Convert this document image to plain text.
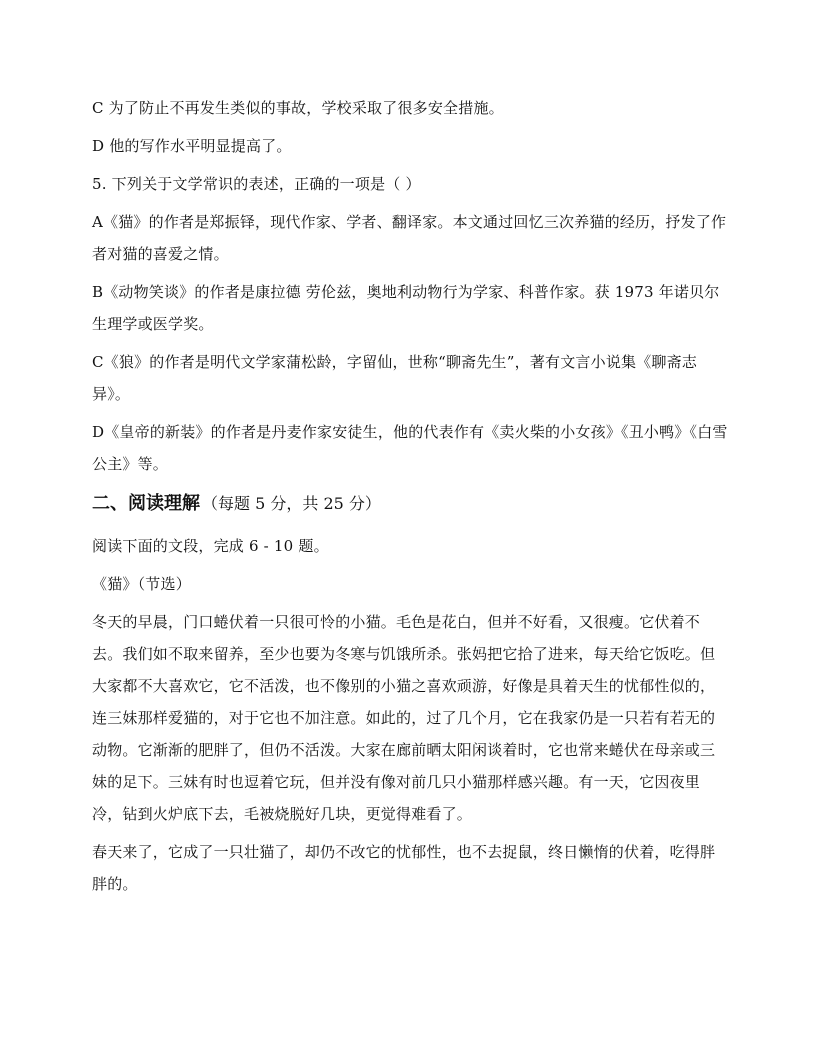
C 为了防止不再发生类似的事故，学校采取了很多安全措施。

D 他的写作水平明显提高了。

5. 下列关于文学常识的表述，正确的一项是（ ）

A《猫》的作者是郑振铎，现代作家、学者、翻译家。本文通过回忆三次养猫的经历，抒发了作者对猫的喜爱之情。

B《动物笑谈》的作者是康拉德 劳伦兹，奥地利动物行为学家、科普作家。获 1973 年诺贝尔生理学或医学奖。

C《狼》的作者是明代文学家蒲松龄，字留仙，世称“聊斋先生”，著有文言小说集《聊斋志异》。

D《皇帝的新装》的作者是丹麦作家安徒生，他的代表作有《卖火柴的小女孩》《丑小鸭》《白雪公主》等。

二、阅读理解 （每题 5 分，共 25 分）

阅读下面的文段，完成 6 - 10 题。

《猫》（节选）

冬天的早晨，门口蜷伏着一只很可怜的小猫。毛色是花白，但并不好看，又很瘦。它伏着不去。我们如不取来留养，至少也要为冬寒与饥饿所杀。张妈把它拾了进来，每天给它饭吃。但大家都不大喜欢它，它不活泼，也不像别的小猫之喜欢顽游，好像是具着天生的忧郁性似的，连三妹那样爱猫的，对于它也不加注意。如此的，过了几个月，它在我家仍是一只若有若无的动物。它渐渐的肥胖了，但仍不活泼。大家在廊前晒太阳闲谈着时，它也常来蜷伏在母亲或三妹的足下。三妹有时也逗着它玩，但并没有像对前几只小猫那样感兴趣。有一天，它因夜里冷，钻到火炉底下去，毛被烧脱好几块，更觉得难看了。

春天来了，它成了一只壮猫了，却仍不改它的忧郁性，也不去捉鼠，终日懒惰的伏着，吃得胖胖的。
